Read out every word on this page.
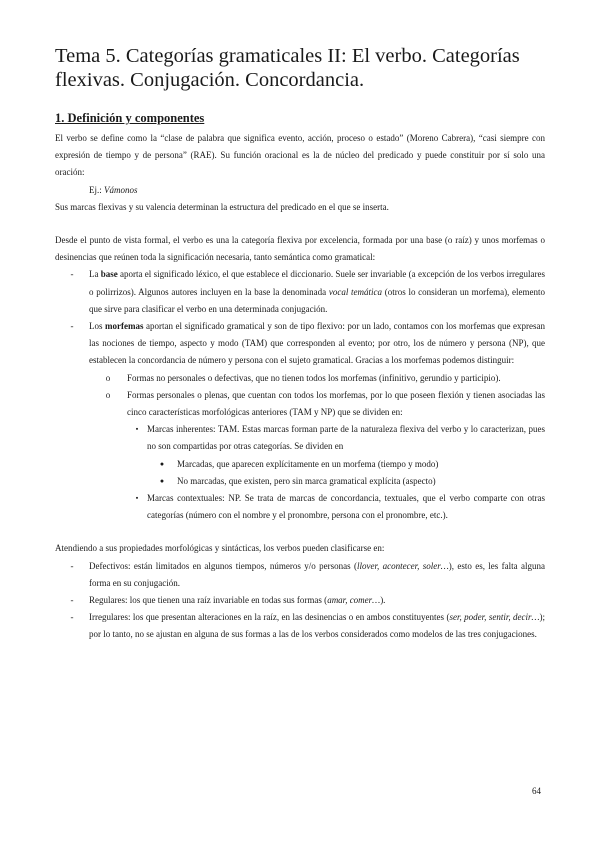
Tema 5. Categorías gramaticales II: El verbo. Categorías flexivas. Conjugación. Concordancia.
1. Definición y componentes

El verbo se define como la “clase de palabra que significa evento, acción, proceso o estado” (Moreno Cabrera), “casi siempre con expresión de tiempo y de persona” (RAE). Su función oracional es la de núcleo del predicado y puede constituir por sí solo una oración:

Ej.: Vámonos

Sus marcas flexivas y su valencia determinan la estructura del predicado en el que se inserta.

Desde el punto de vista formal, el verbo es una la categoría flexiva por excelencia, formada por una base (o raíz) y unos morfemas o desinencias que reúnen toda la significación necesaria, tanto semántica como gramatical:

-	La base aporta el significado léxico, el que establece el diccionario. Suele ser invariable (a excepción de los verbos irregulares o polirrizos). Algunos autores incluyen en la base la denominada vocal temática (otros lo consideran un morfema), elemento que sirve para clasificar el verbo en una determinada conjugación.
-	Los morfemas aportan el significado gramatical y son de tipo flexivo: por un lado, contamos con los morfemas que expresan las nociones de tiempo, aspecto y modo (TAM) que corresponden al evento; por otro, los de número y persona (NP), que establecen la concordancia de número y persona con el sujeto gramatical. Gracias a los morfemas podemos distinguir:
o	Formas no personales o defectivas, que no tienen todos los morfemas (infinitivo, gerundio y participio).
o	Formas personales o plenas, que cuentan con todos los morfemas, por lo que poseen flexión y tienen asociadas las cinco características morfológicas anteriores (TAM y NP) que se dividen en:
▪ Marcas inherentes: TAM. Estas marcas forman parte de la naturaleza flexiva del verbo y lo caracterizan, pues no son compartidas por otras categorías. Se dividen en
●	Marcadas, que aparecen explícitamente en un morfema (tiempo y modo)
●	No marcadas, que existen, pero sin marca gramatical explícita (aspecto)
▪ Marcas contextuales: NP. Se trata de marcas de concordancia, textuales, que el verbo comparte con otras categorías (número con el nombre y el pronombre, persona con el pronombre, etc.).

Atendiendo a sus propiedades morfológicas y sintácticas, los verbos pueden clasificarse en:

-	Defectivos: están limitados en algunos tiempos, números y/o personas (llover, acontecer, soler…), esto es, les falta alguna forma en su conjugación.
-	Regulares: los que tienen una raíz invariable en todas sus formas (amar, comer…).
-	Irregulares: los que presentan alteraciones en la raíz, en las desinencias o en ambos constituyentes (ser, poder, sentir, decir…); por lo tanto, no se ajustan en alguna de sus formas a las de los verbos considerados como modelos de las tres conjugaciones.
64
